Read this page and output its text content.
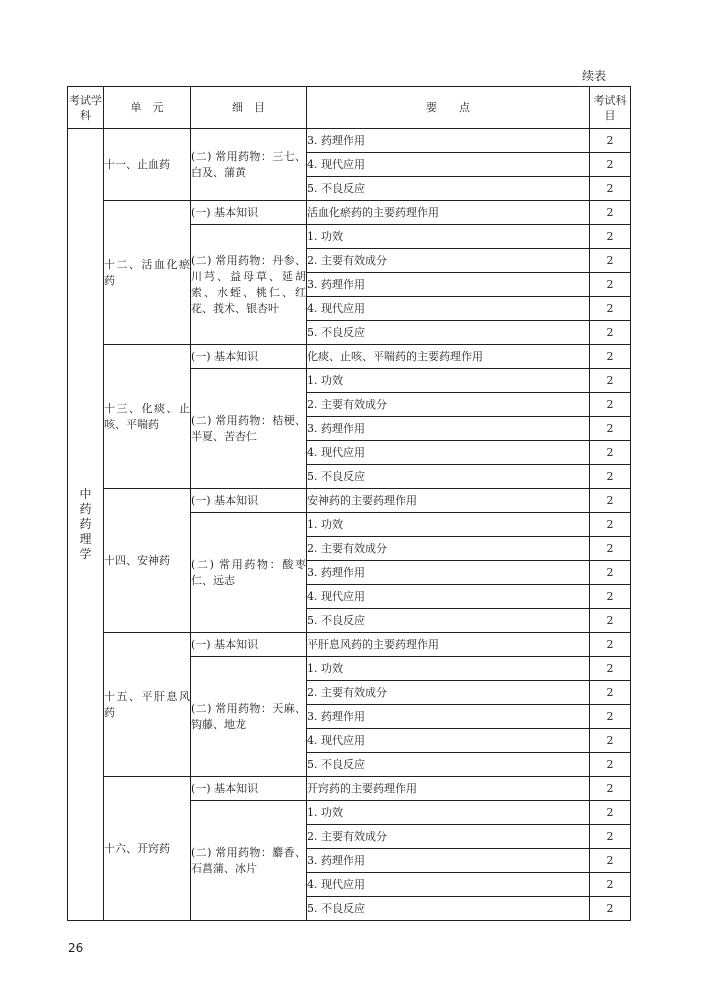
续表
考试学科	单　元	细　目	要　　点	考试科目
中药药理学	十一、止血药	(二) 常用药物：三七、白及、蒲黄	3. 药理作用	2
			4. 现代应用	2
			5. 不良反应	2
	十二、活血化瘀药	(一) 基本知识	活血化瘀药的主要药理作用	2
		(二) 常用药物：丹参、川芎、益母草、延胡索、水蛭、桃仁、红花、莪术、银杏叶	1. 功效	2
			2. 主要有效成分	2
			3. 药理作用	2
			4. 现代应用	2
			5. 不良反应	2
	十三、化痰、止咳、平喘药	(一) 基本知识	化痰、止咳、平喘药的主要药理作用	2
		(二) 常用药物：桔梗、半夏、苦杏仁	1. 功效	2
			2. 主要有效成分	2
			3. 药理作用	2
			4. 现代应用	2
			5. 不良反应	2
	十四、安神药	(一) 基本知识	安神药的主要药理作用	2
		(二) 常用药物：酸枣仁、远志	1. 功效	2
			2. 主要有效成分	2
			3. 药理作用	2
			4. 现代应用	2
			5. 不良反应	2
	十五、平肝息风药	(一) 基本知识	平肝息风药的主要药理作用	2
		(二) 常用药物：天麻、钩藤、地龙	1. 功效	2
			2. 主要有效成分	2
			3. 药理作用	2
			4. 现代应用	2
			5. 不良反应	2
	十六、开窍药	(一) 基本知识	开窍药的主要药理作用	2
		(二) 常用药物：麝香、石菖蒲、冰片	1. 功效	2
			2. 主要有效成分	2
			3. 药理作用	2
			4. 现代应用	2
			5. 不良反应	2
26
